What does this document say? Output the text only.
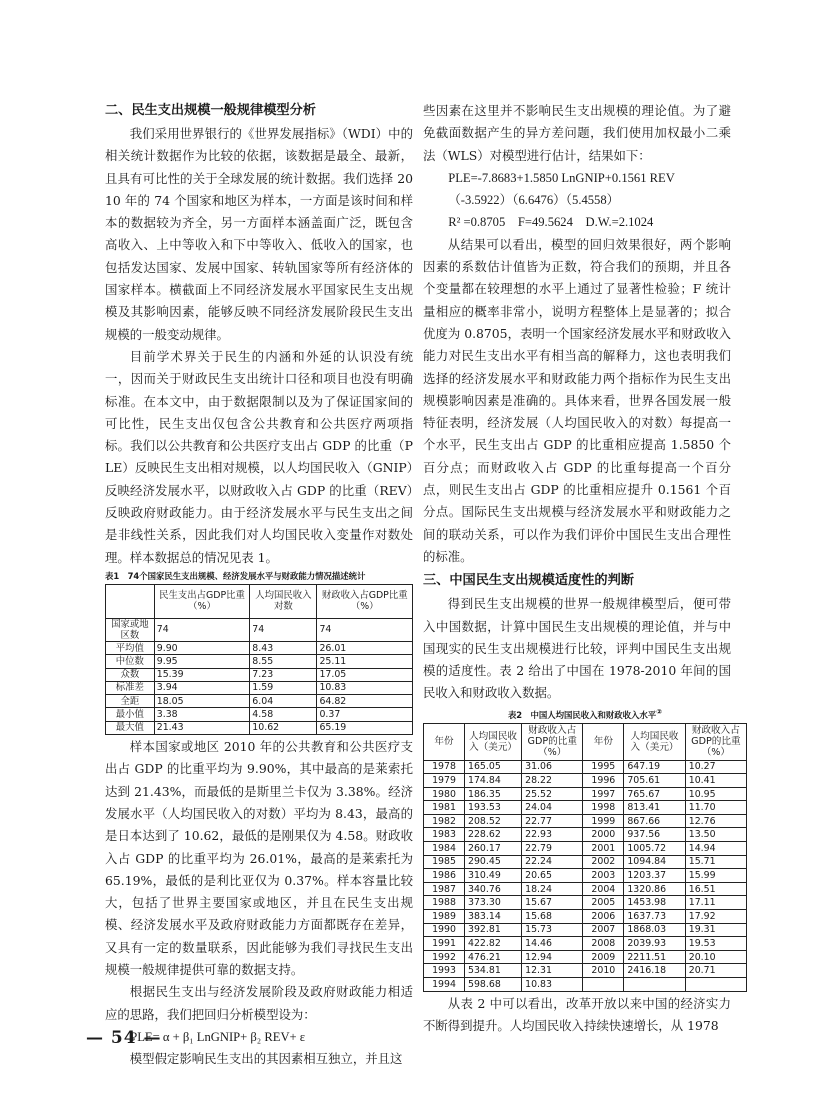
二、民生支出规模一般规律模型分析

我们采用世界银行的《世界发展指标》（WDI）中的相关统计数据作为比较的依据，该数据是最全、最新，且具有可比性的关于全球发展的统计数据。我们选择 2010 年的 74 个国家和地区为样本，一方面是该时间和样本的数据较为齐全，另一方面样本涵盖面广泛，既包含高收入、上中等收入和下中等收入、低收入的国家，也包括发达国家、发展中国家、转轨国家等所有经济体的国家样本。横截面上不同经济发展水平国家民生支出规模及其影响因素，能够反映不同经济发展阶段民生支出规模的一般变动规律。

目前学术界关于民生的内涵和外延的认识没有统一，因而关于财政民生支出统计口径和项目也没有明确标准。在本文中，由于数据限制以及为了保证国家间的可比性，民生支出仅包含公共教育和公共医疗两项指标。我们以公共教育和公共医疗支出占 GDP 的比重（PLE）反映民生支出相对规模，以人均国民收入（GNIP）反映经济发展水平，以财政收入占 GDP 的比重（REV）反映政府财政能力。由于经济发展水平与民生支出之间是非线性关系，因此我们对人均国民收入变量作对数处理。样本数据总的情况见表 1。

表1　74个国家民生支出规模、经济发展水平与财政能力情况描述统计
	民生支出占GDP比重（%）	人均国民收入对数	财政收入占GDP比重（%）
国家或地区数	74	74	74
平均值	9.90	8.43	26.01
中位数	9.95	8.55	25.11
众数	15.39	7.23	17.05
标准差	3.94	1.59	10.83
全距	18.05	6.04	64.82
最小值	3.38	4.58	0.37
最大值	21.43	10.62	65.19

样本国家或地区 2010 年的公共教育和公共医疗支出占 GDP 的比重平均为 9.90%，其中最高的是莱索托达到 21.43%，而最低的是斯里兰卡仅为 3.38%。经济发展水平（人均国民收入的对数）平均为 8.43，最高的是日本达到了 10.62，最低的是刚果仅为 4.58。财政收入占 GDP 的比重平均为 26.01%，最高的是莱索托为 65.19%，最低的是利比亚仅为 0.37%。样本容量比较大，包括了世界主要国家或地区，并且在民生支出规模、经济发展水平及政府财政能力方面都既存在差异，又具有一定的数量联系，因此能够为我们寻找民生支出规模一般规律提供可靠的数据支持。

根据民生支出与经济发展阶段及政府财政能力相适应的思路，我们把回归分析模型设为：

PLE= α + β₁ LnGNIP+ β₂ REV+ ε

模型假定影响民生支出的其因素相互独立，并且这

些因素在这里并不影响民生支出规模的理论值。为了避免截面数据产生的异方差问题，我们使用加权最小二乘法（WLS）对模型进行估计，结果如下：

PLE=-7.8683+1.5850 LnGNIP+0.1561 REV

（-3.5922）（6.6476）（5.4558）

R² =0.8705　F=49.5624　D.W.=2.1024

从结果可以看出，模型的回归效果很好，两个影响因素的系数估计值皆为正数，符合我们的预期，并且各个变量都在较理想的水平上通过了显著性检验；F 统计量相应的概率非常小，说明方程整体上是显著的；拟合优度为 0.8705，表明一个国家经济发展水平和财政收入能力对民生支出水平有相当高的解释力，这也表明我们选择的经济发展水平和财政能力两个指标作为民生支出规模影响因素是准确的。具体来看，世界各国发展一般特征表明，经济发展（人均国民收入的对数）每提高一个水平，民生支出占 GDP 的比重相应提高 1.5850 个百分点；而财政收入占 GDP 的比重每提高一个百分点，则民生支出占 GDP 的比重相应提升 0.1561 个百分点。国际民生支出规模与经济发展水平和财政能力之间的联动关系，可以作为我们评价中国民生支出合理性的标准。

三、中国民生支出规模适度性的判断

得到民生支出规模的世界一般规律模型后，便可带入中国数据，计算中国民生支出规模的理论值，并与中国现实的民生支出规模进行比较，评判中国民生支出规模的适度性。表 2 给出了中国在 1978-2010 年间的国民收入和财政收入数据。

表2　中国人均国民收入和财政收入水平②
年份	人均国民收入（美元）	财政收入占GDP的比重（%）	年份	人均国民收入（美元）	财政收入占GDP的比重（%）
1978	165.05	31.06	1995	647.19	10.27
1979	174.84	28.22	1996	705.61	10.41
1980	186.35	25.52	1997	765.67	10.95
1981	193.53	24.04	1998	813.41	11.70
1982	208.52	22.77	1999	867.66	12.76
1983	228.62	22.93	2000	937.56	13.50
1984	260.17	22.79	2001	1005.72	14.94
1985	290.45	22.24	2002	1094.84	15.71
1986	310.49	20.65	2003	1203.37	15.99
1987	340.76	18.24	2004	1320.86	16.51
1988	373.30	15.67	2005	1453.98	17.11
1989	383.14	15.68	2006	1637.73	17.92
1990	392.81	15.73	2007	1868.03	19.31
1991	422.82	14.46	2008	2039.93	19.53
1992	476.21	12.94	2009	2211.51	20.10
1993	534.81	12.31	2010	2416.18	20.71
1994	598.68	10.83			

从表 2 中可以看出，改革开放以来中国的经济实力不断得到提升。人均国民收入持续快速增长，从 1978

— 54 —
